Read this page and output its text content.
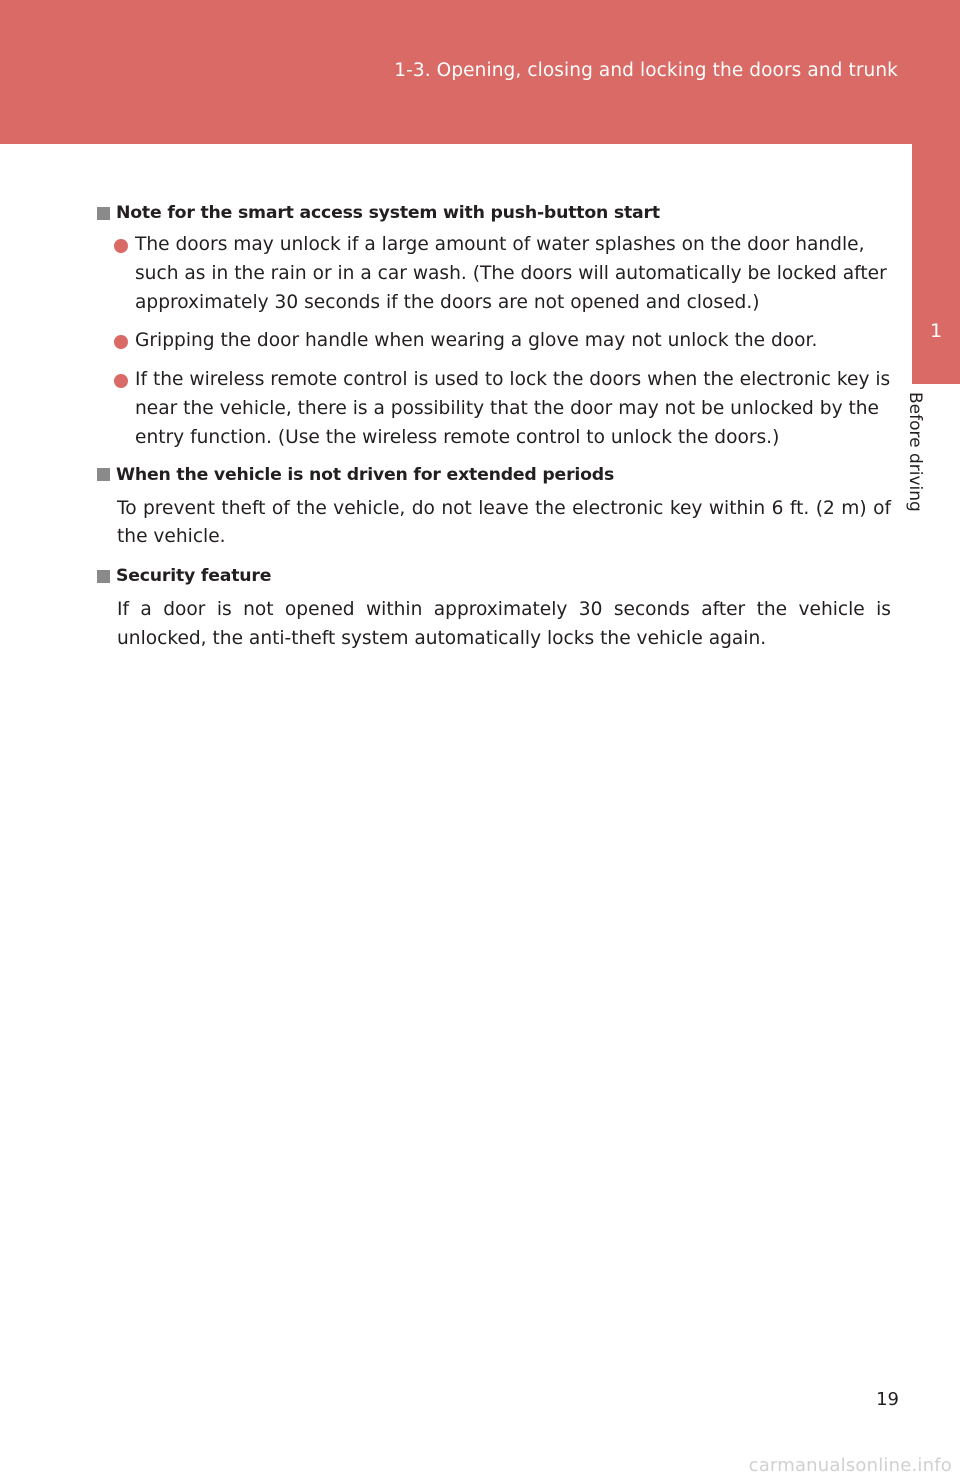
1-3. Opening, closing and locking the doors and trunk
1
Before driving
Note for the smart access system with push-button start
The doors may unlock if a large amount of water splashes on the door handle, such as in the rain or in a car wash. (The doors will automatically be locked after approximately 30 seconds if the doors are not opened and closed.)
Gripping the door handle when wearing a glove may not unlock the door.
If the wireless remote control is used to lock the doors when the electronic key is near the vehicle, there is a possibility that the door may not be unlocked by the entry function. (Use the wireless remote control to unlock the doors.)
When the vehicle is not driven for extended periods
To prevent theft of the vehicle, do not leave the electronic key within 6 ft. (2 m) of the vehicle.
Security feature
If a door is not opened within approximately 30 seconds after the vehicle is unlocked, the anti-theft system automatically locks the vehicle again.
19
carmanualsonline.info
